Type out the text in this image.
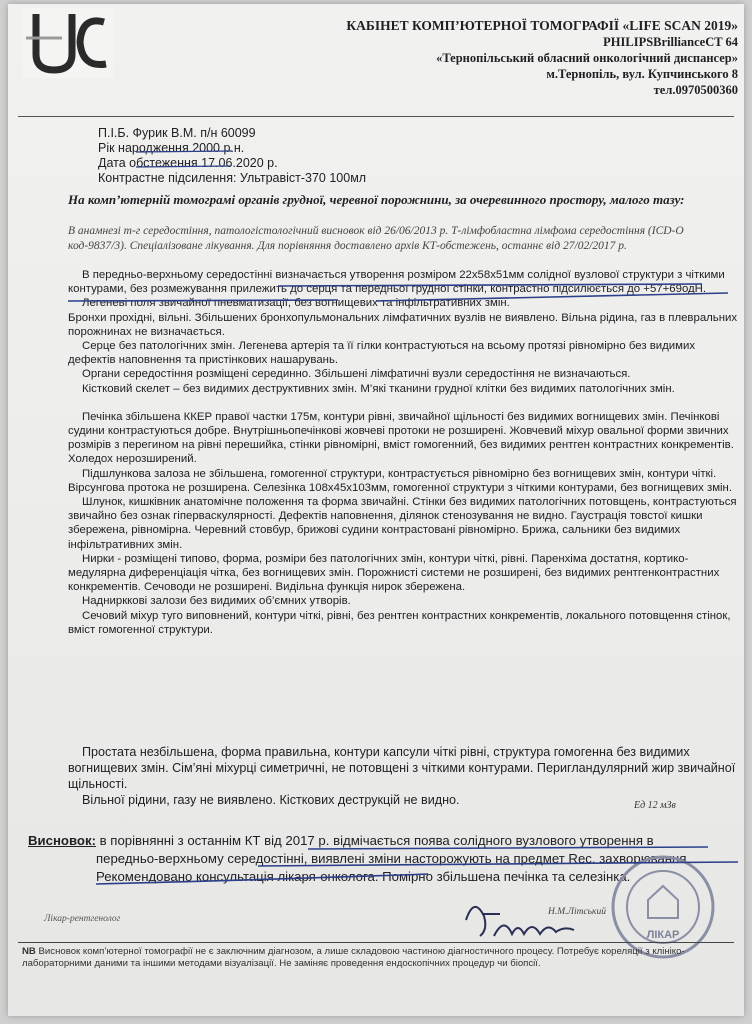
КАБІНЕТ КОМП’ЮТЕРНОЇ ТОМОГРАФІЇ «LIFE SCAN 2019»
PHILIPSBrillianceCT 64
«Тернопільський обласний онкологічний диспансер»
м.Тернопіль, вул. Купчинського 8
тел.0970500360
П.І.Б. Фурик В.М. п/н 60099
Рік народження 2000 р.н.
Дата обстеження 17.06.2020 р.
Контрастне підсилення: Ультравіст-370 100мл
На комп’ютерній томограмі органів грудної, черевної порожнини, за очеревинного простору, малого тазу:
В анамнезі т-г середостіння, патологістологічний висновок від 26/06/2013 р. Т-лімфобластна лімфома середостіння (ICD-O код-9837/3). Спеціалізоване лікування. Для порівняння доставлено архів КТ-обстежень, останнє від 27/02/2017 р.

В передньо-верхньому середостінні визначається утворення розміром 22х58х51мм солідної вузлової структури з чіткими контурами, без розмежування прилежить до серця та передньої грудної стінки, контрастно підсилюється до +57+69одН.

Легеневі поля звичайної пневматизації, без вогнищевих та інфільтративних змін.

Бронхи прохідні, вільні. Збільшених бронхопульмональних лімфатичних вузлів не виявлено. Вільна рідина, газ в плевральних порожнинах не визначається.

Серце без патологічних змін. Легенева артерія та її гілки контрастуються на всьому протязі рівномірно без видимих дефектів наповнення та пристінкових нашарувань.

Органи середостіння розміщені серединно. Збільшені лімфатичні вузли середостіння не визначаються.

Кістковий скелет – без видимих деструктивних змін. М’які тканини грудної клітки без видимих патологічних змін.

Печінка збільшена ККЕР правої частки 175м, контури рівні, звичайної щільності без видимих вогнищевих змін. Печінкові судини контрастуються добре. Внутрішньопечінкові жовчеві протоки не розширені. Жовчевий міхур овальної форми звичних розмірів з перегином на рівні перешийка, стінки рівномірні, вміст гомогенний, без видимих рентген контрастних конкрементів. Холедох нерозширений.

Підшлункова залоза не збільшена, гомогенної структури, контрастується рівномірно без вогнищевих змін, контури чіткі. Вірсунгова протока не розширена. Селезінка 108х45х103мм, гомогенної структури з чіткими контурами, без вогнищевих змін.

Шлунок, кишківник анатомічне положення та форма звичайні. Стінки без видимих патологічних потовщень, контрастуються звичайно без ознак гіперваскулярності. Дефектів наповнення, ділянок стенозування не видно. Гаустрація товстої кишки збережена, рівномірна. Черевний стовбур, брижові судини контрастовані рівномірно. Брижа, сальники без видимих інфільтративних змін.

Нирки - розміщені типово, форма, розміри без патологічних змін, контури чіткі, рівні. Паренхіма достатня, кортико-медулярна диференціація чітка, без вогнищевих змін. Порожнисті системи не розширені, без видимих рентгенконтрастних конкрементів. Сечоводи не розширені. Видільна функція нирок збережена.

Наднирккові залози без видимих об’ємних утворів.

Сечовий міхур туго виповнений, контури чіткі, рівні, без рентген контрастних конкрементів, локального потовщення стінок, вміст гомогенної структури.

Простата незбільшена, форма правильна, контури капсули чіткі рівні, структура гомогенна без видимих вогнищевих змін. Сім’яні міхурці симетричні, не потовщені з чіткими контурами. Перигландулярний жир звичайної щільності.

Вільної рідини, газу не виявлено. Кісткових деструкцій не видно.	Ед 12 мЗв
Висновок: в порівнянні з останнім КТ від 2017 р. відмічається поява солідного вузлового утворення в
передньо-верхньому середостінні, виявлені зміни насторожують на предмет Rec. захворювання.
Рекомендовано консультація лікаря-онколога. Помірно збільшена печінка та селезінка.
Лікар-рентгенолог
Н.М.Літський
ЛІКАР
NB Висновок комп’ютерної томографії не є заключним діагнозом, а лише складовою частиною діагностичного процесу. Потребує кореляції з клініко-лабораторними даними та іншими методами візуалізації. Не заміняє проведення ендоскопічних процедур чи біопсії.
